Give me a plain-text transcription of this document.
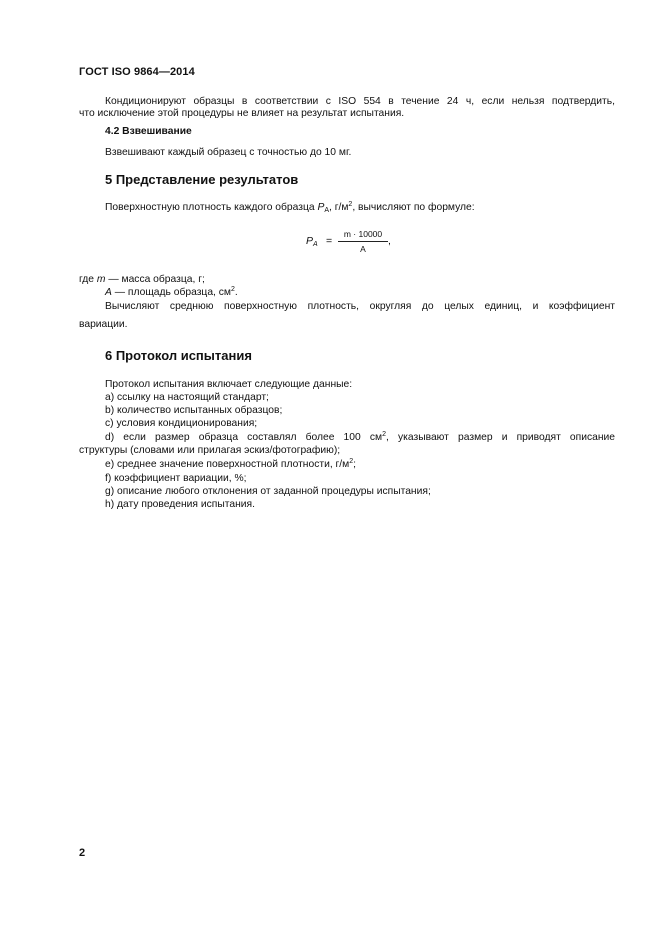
ГОСТ ISO 9864—2014
Кондиционируют образцы в соответствии с ISO 554 в течение 24 ч, если нельзя подтвердить,
что исключение этой процедуры не влияет на результат испытания.
4.2 Взвешивание
Взвешивают каждый образец с точностью до 10 мг.
5 Представление результатов
Поверхностную плотность каждого образца $P_A$, $г/м^2$, вычисляют по формуле:
$P_A$ =
m · 10000
A
,
где m — масса образца, г;
A — площадь образца, $см^2$.
Вычисляют среднюю поверхностную плотность, округляя до целых единиц, и коэффициент
вариации.
6 Протокол испытания
Протокол испытания включает следующие данные:
а) ссылку на настоящий стандарт;
b) количество испытанных образцов;
с) условия кондиционирования;
d) если размер образца составлял более 100 $см^2$, указывают размер и приводят описание
структуры (словами или прилагая эскиз/фотографию);
е) среднее значение поверхностной плотности, $г/м^2$;
f) коэффициент вариации, %;
g) описание любого отклонения от заданной процедуры испытания;
h) дату проведения испытания.
2
